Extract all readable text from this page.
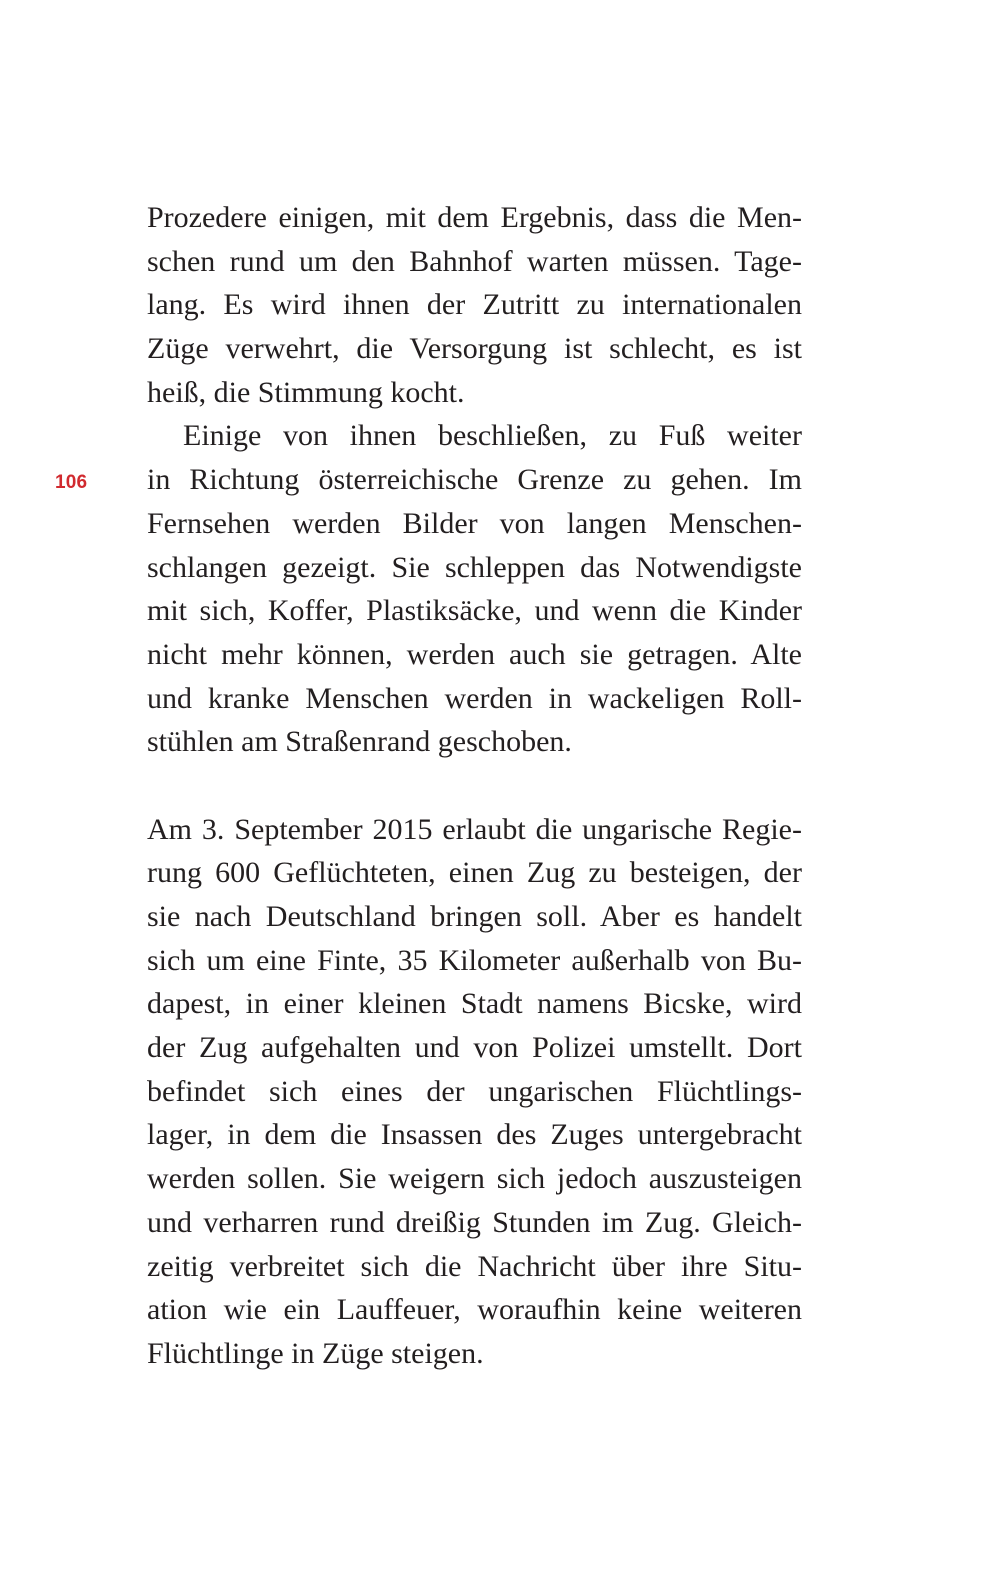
106
Prozedere einigen, mit dem Ergebnis, dass die Men-
schen rund um den Bahnhof warten müssen. Tage-
lang. Es wird ihnen der Zutritt zu internationalen
Züge verwehrt, die Versorgung ist schlecht, es ist
heiß, die Stimmung kocht.
Einige von ihnen beschließen, zu Fuß weiter
in Richtung österreichische Grenze zu gehen. Im
Fernsehen werden Bilder von langen Menschen-
schlangen gezeigt. Sie schleppen das Notwendigste
mit sich, Koffer, Plastiksäcke, und wenn die Kinder
nicht mehr können, werden auch sie getragen. Alte
und kranke Menschen werden in wackeligen Roll-
stühlen am Straßenrand geschoben.
Am 3. September 2015 erlaubt die ungarische Regie-
rung 600 Geflüchteten, einen Zug zu besteigen, der
sie nach Deutschland bringen soll. Aber es handelt
sich um eine Finte, 35 Kilometer außerhalb von Bu-
dapest, in einer kleinen Stadt namens Bicske, wird
der Zug aufgehalten und von Polizei umstellt. Dort
befindet sich eines der ungarischen Flüchtlings-
lager, in dem die Insassen des Zuges untergebracht
werden sollen. Sie weigern sich jedoch auszusteigen
und verharren rund dreißig Stunden im Zug. Gleich-
zeitig verbreitet sich die Nachricht über ihre Situ-
ation wie ein Lauffeuer, woraufhin keine weiteren
Flüchtlinge in Züge steigen.
